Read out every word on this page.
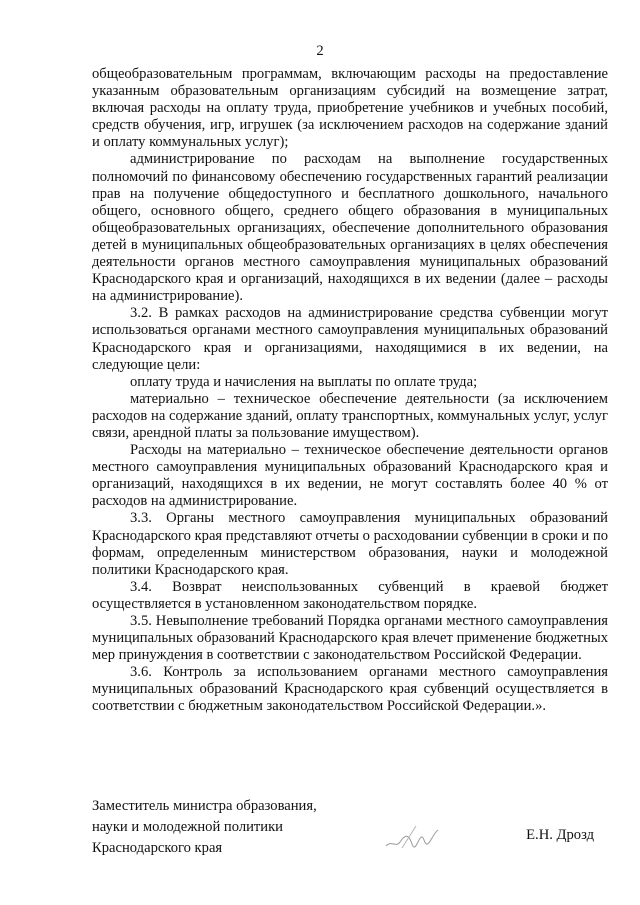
2

общеобразовательным программам, включающим расходы на предоставление указанным образовательным организациям субсидий на возмещение затрат, включая расходы на оплату труда, приобретение учебников и учебных пособий, средств обучения, игр, игрушек (за исключением расходов на содержание зданий и оплату коммунальных услуг);

администрирование по расходам на выполнение государственных полномочий по финансовому обеспечению государственных гарантий реализации прав на получение общедоступного и бесплатного дошкольного, начального общего, основного общего, среднего общего образования в муниципальных общеобразовательных организациях, обеспечение дополнительного образования детей в муниципальных общеобразовательных организациях в целях обеспечения деятельности органов местного самоуправления муниципальных образований Краснодарского края и организаций, находящихся в их ведении (далее – расходы на администрирование).

3.2. В рамках расходов на администрирование средства субвенции могут использоваться органами местного самоуправления муниципальных образований Краснодарского края и организациями, находящимися в их ведении, на следующие цели:

оплату труда и начисления на выплаты по оплате труда;

материально – техническое обеспечение деятельности (за исключением расходов на содержание зданий, оплату транспортных, коммунальных услуг, услуг связи, арендной платы за пользование имуществом).

Расходы на материально – техническое обеспечение деятельности органов местного самоуправления муниципальных образований Краснодарского края и организаций, находящихся в их ведении, не могут составлять более 40 % от расходов на администрирование.

3.3. Органы местного самоуправления муниципальных образований Краснодарского края представляют отчеты о расходовании субвенции в сроки и по формам, определенным министерством образования, науки и молодежной политики Краснодарского края.

3.4. Возврат неиспользованных субвенций в краевой бюджет осуществляется в установленном законодательством порядке.

3.5. Невыполнение требований Порядка органами местного самоуправления муниципальных образований Краснодарского края влечет применение бюджетных мер принуждения в соответствии с законодательством Российской Федерации.

3.6. Контроль за использованием органами местного самоуправления муниципальных образований Краснодарского края субвенций осуществляется в соответствии с бюджетным законодательством Российской Федерации.».

Заместитель министра образования,

науки и молодежной политики

Краснодарского края

Е.Н. Дрозд
